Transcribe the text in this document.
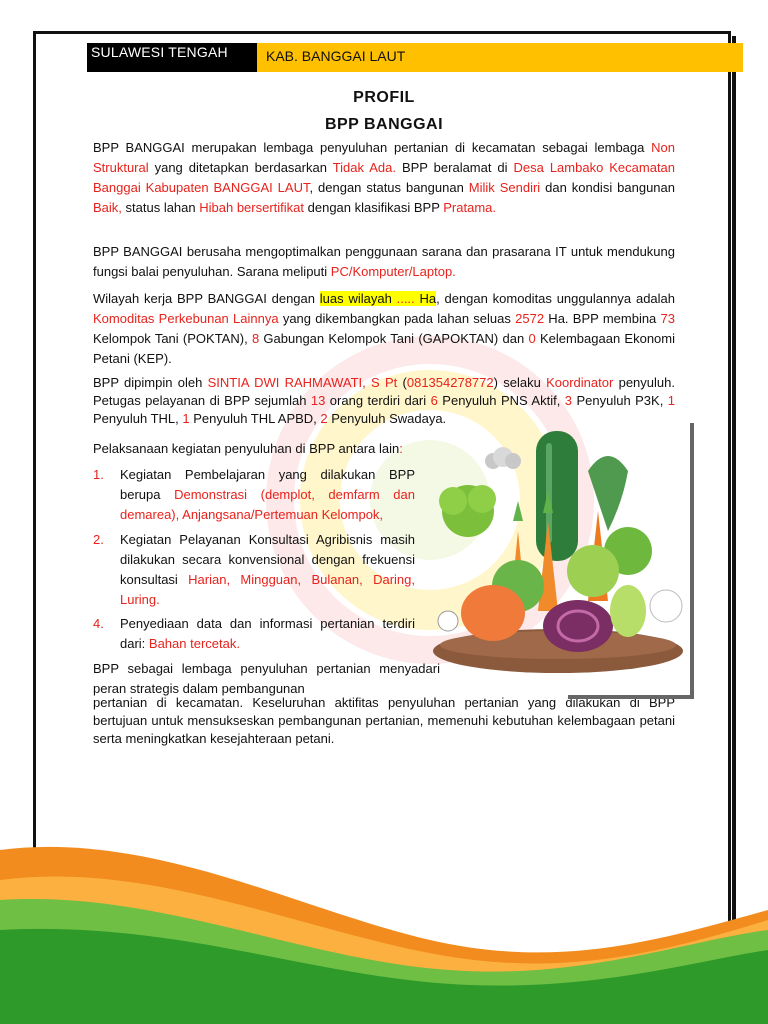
SULAWESI TENGAH	KAB. BANGGAI LAUT
PROFIL
BPP BANGGAI

BPP BANGGAI merupakan lembaga penyuluhan pertanian di kecamatan sebagai lembaga Non Struktural yang ditetapkan berdasarkan Tidak Ada. BPP beralamat di Desa Lambako Kecamatan Banggai Kabupaten BANGGAI LAUT, dengan status bangunan Milik Sendiri dan kondisi bangunan Baik, status lahan Hibah bersertifikat dengan klasifikasi BPP Pratama.

BPP BANGGAI berusaha mengoptimalkan penggunaan sarana dan prasarana IT untuk mendukung fungsi balai penyuluhan. Sarana meliputi PC/Komputer/Laptop.

Wilayah kerja BPP BANGGAI dengan luas wilayah ..... Ha, dengan komoditas unggulannya adalah Komoditas Perkebunan Lainnya yang dikembangkan pada lahan seluas 2572 Ha. BPP membina 73 Kelompok Tani (POKTAN), 8 Gabungan Kelompok Tani (GAPOKTAN) dan 0 Kelembagaan Ekonomi Petani (KEP).

BPP dipimpin oleh SINTIA DWI RAHMAWATI, S Pt (081354278772) selaku Koordinator penyuluh. Petugas pelayanan di BPP sejumlah 13 orang terdiri dari 6 Penyuluh PNS Aktif, 3 Penyuluh P3K, 1 Penyuluh THL, 1 Penyuluh THL APBD, 2 Penyuluh Swadaya.

Pelaksanaan kegiatan penyuluhan di BPP antara lain:

1. Kegiatan Pembelajaran yang dilakukan BPP berupa Demonstrasi (demplot, demfarm dan demarea), Anjangsana/Pertemuan Kelompok,
2. Kegiatan Pelayanan Konsultasi Agribisnis masih dilakukan secara konvensional dengan frekuensi konsultasi Harian, Mingguan, Bulanan, Daring, Luring.
4. Penyediaan data dan informasi pertanian terdiri dari: Bahan tercetak.

BPP sebagai lembaga penyuluhan pertanian menyadari peran strategis dalam pembangunan

pertanian di kecamatan. Keseluruhan aktifitas penyuluhan pertanian yang dilakukan di BPP bertujuan untuk mensukseskan pembangunan pertanian, memenuhi kebutuhan kelembagaan petani serta meningkatkan kesejahteraan petani.
